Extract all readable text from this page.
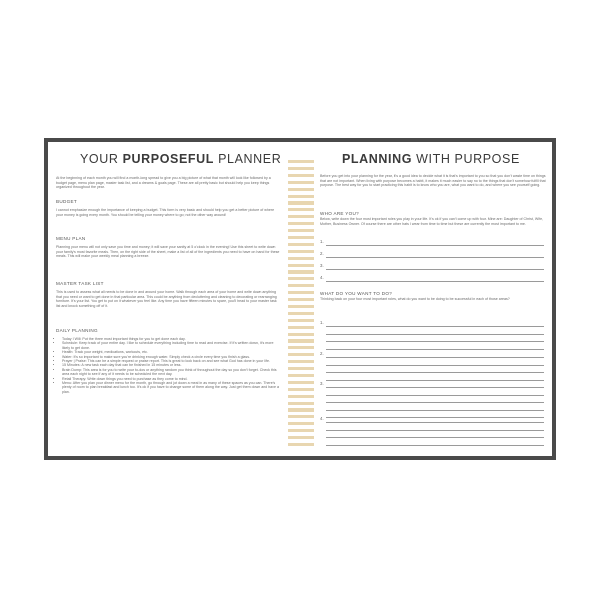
YOUR PURPOSEFUL PLANNER

At the beginning of each month you will find a month-long spread to give you a big picture of what that month will look like followed by a budget page, menu plan page, master task list, and a dreams & goals page. These are all pretty basic but should help you keep things organized throughout the year.

BUDGET

I cannot emphasize enough the importance of keeping a budget. This form is very basic and should help you get a better picture of where your money is going every month. You should be telling your money where to go; not the other way around!

MENU PLAN

Planning your menu will not only save you time and money; it will save your sanity at 5 o'clock in the evening! Use this sheet to write down your family's most favorite meals. Then, on the right side of the sheet, make a list of all of the ingredients you need to have on hand for these meals. This will make your weekly meal planning a breeze.

MASTER TASK LIST

This is used to assess what all needs to be done in and around your home. Walk through each area of your home and write down anything that you need or want to get done in that particular area. This could be anything from decluttering and cleaning to decorating or rearranging furniture. It's your list. You get to put on it whatever you feel like. Any time you have fifteen minutes to spare, you'll head to your master task list and knock something off of it.

DAILY PLANNING

• Today I Will: Put the three most important things for you to get done each day.
• Schedule: Keep track of your entire day. I like to schedule everything including time to read and exercise. If it's written down, it's more likely to get done.
• Health: Track your weight, medications, workouts, etc.
• Water: It's so important to make sure you're drinking enough water. Simply check a circle every time you finish a glass.
• Prayer | Praise: This can be a simple request or praise report. This is great to look back on and see what God has done in your life.
• 15 Minutes: A new task each day that can be finished in 15 minutes or less.
• Brain Dump: This area is for you to write your to-dos or anything random you think of throughout the day so you don't forget. Check this area each night to see if any of it needs to be scheduled the next day.
• Retail Therapy: Write down things you need to purchase as they come to mind.
• Menu: After you plan your dinner menu for the month, go through and jot down a meal in as many of these spaces as you can. There's plenty of room to plan breakfast and lunch too. It's ok if you have to change some of them along the way. Just get them down and have a plan.
PLANNING WITH PURPOSE

Before you get into your planning for the year, it's a good idea to decide what it is that's important to you so that you don't waste time on things that are not important. When living with purpose becomes a habit, it makes it much easier to say no to the things that don't somehow fulfill that purpose. The best way for you to start practicing this habit is to know who you are, what you want to do, and where you see yourself going.

WHO ARE YOU?

Below, write down the four most important roles you play in your life. It's ok if you can't come up with four. Mine are: Daughter of Christ, Wife, Mother, Business Owner. Of course there are other hats I wear from time to time but these are currently the most important to me.

1.
2.
3.
4.

WHAT DO YOU WANT TO DO?

Thinking back on your four most important roles, what do you want to be doing to be successful in each of those areas?

1.
2.
3.
4.
